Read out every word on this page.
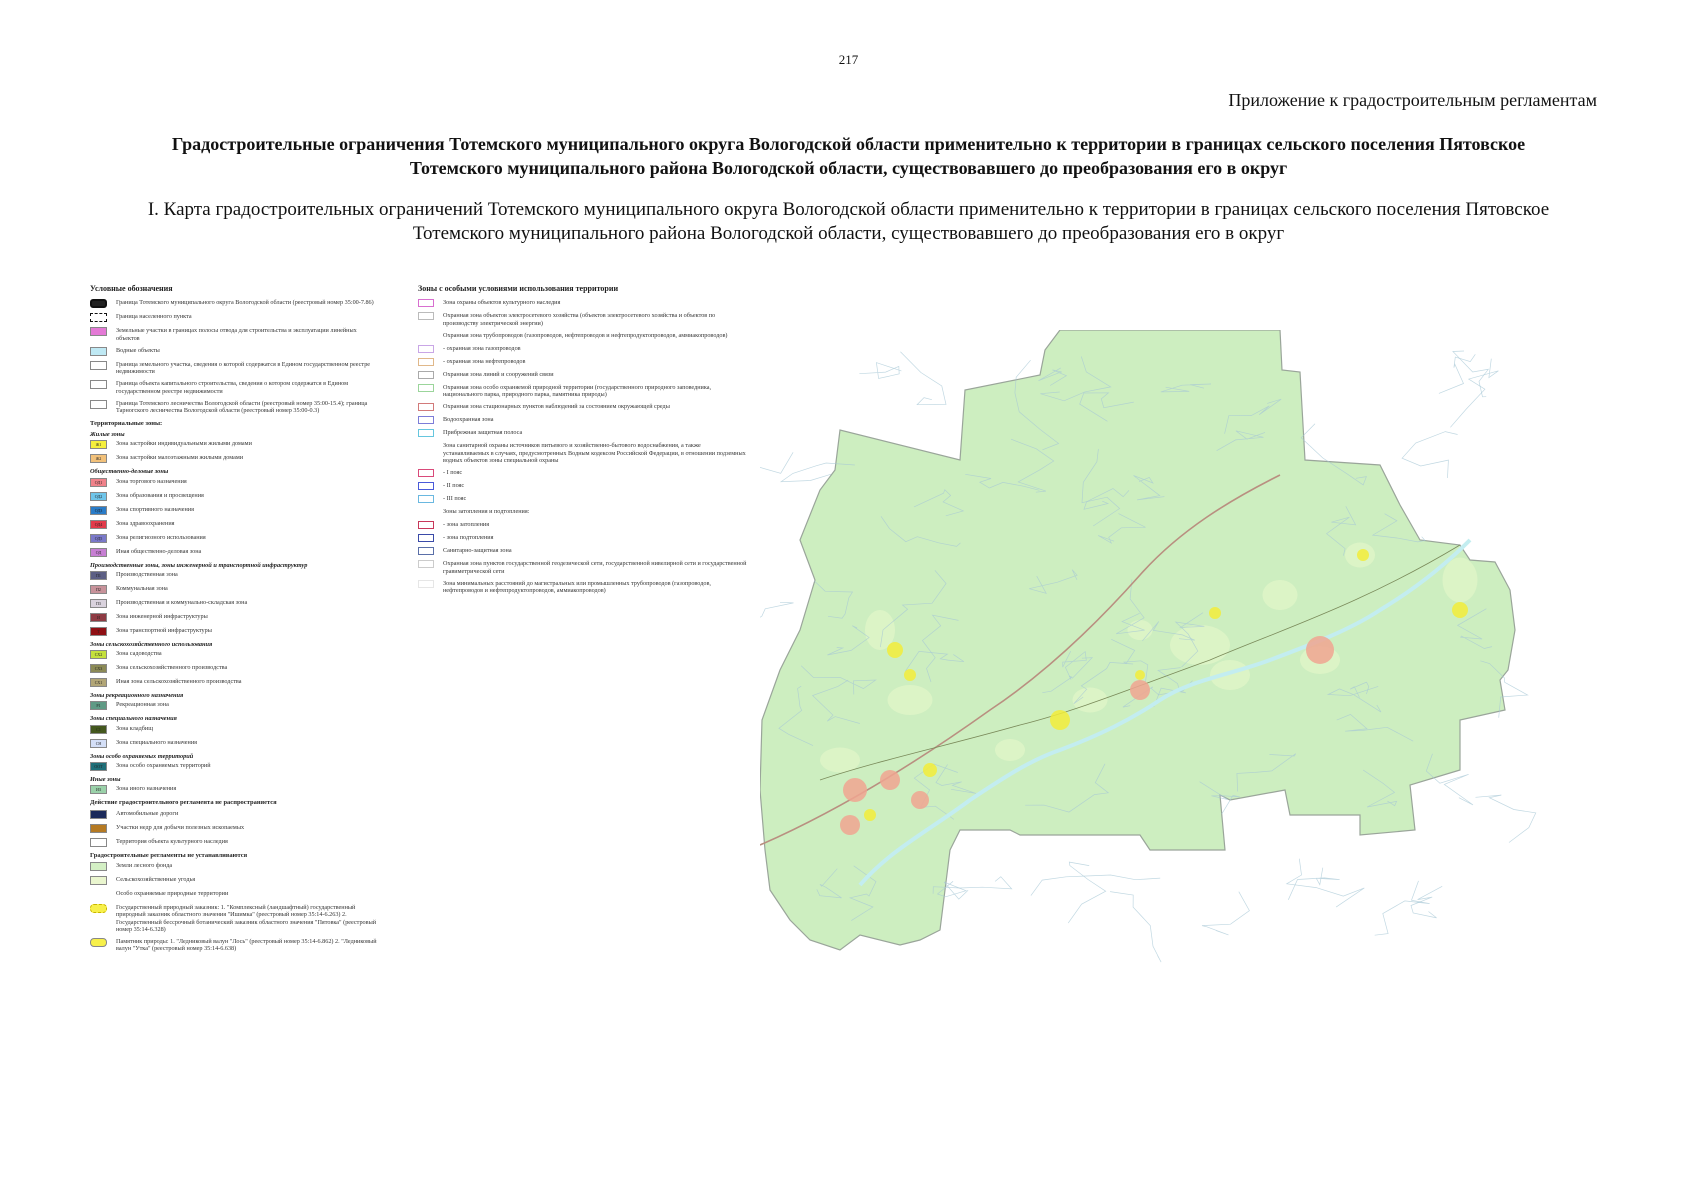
217
Приложение к градостроительным регламентам
Градостроительные ограничения Тотемского муниципального округа Вологодской области применительно к территории в границах сельского поселения Пятовское
Тотемского муниципального района Вологодской области, существовавшего до преобразования его в округ
I. Карта градостроительных ограничений Тотемского муниципального округа Вологодской области применительно к территории в границах сельского поселения Пятовское
Тотемского муниципального района Вологодской области, существовавшего до преобразования его в округ
Условные обозначения
Граница Тотемского муниципального округа Вологодской области (реестровый номер 35:00-7.86)
Граница населенного пункта
Земельные участки в границах полосы отвода для строительства и эксплуатации линейных объектов
Водные объекты
Граница земельного участка, сведения о которой содержатся в Едином государственном реестре недвижимости
Граница объекта капитального строительства, сведения о котором содержатся в Едином государственном реестре недвижимости
Граница Тотемского лесничества Вологодской области (реестровый номер 35:00-15.4); граница Тарногского лесничества Вологодской области (реестровый номер 35:00-0.3)
Территориальные зоны:
Жилые зоны
Ж1	Зона застройки индивидуальными жилыми домами
Ж2	Зона застройки малоэтажными жилыми домами
Общественно-деловые зоны
ОД1	Зона торгового назначения
ОД2	Зона образования и просвещения
ОД3	Зона спортивного назначения
ОД4	Зона здравоохранения
ОД5	Зона религиозного использования
ОД	Иная общественно-деловая зона
Производственные зоны, зоны инженерной и транспортной инфраструктур
П1	Производственная зона
П2	Коммунальная зона
П3	Производственная и коммунально-складская зона
И	Зона инженерной инфраструктуры
Т	Зона транспортной инфраструктуры
Зоны сельскохозяйственного использования
СХ2	Зона садоводства
СХ3	Зона сельскохозяйственного производства
СХ1	Иная зона сельскохозяйственного производства
Зоны рекреационного назначения
Р1	Рекреационная зона
Зоны специального назначения
С1	Зона кладбищ
СН	Зона специального назначения
Зоны особо охраняемых территорий
ООТ	Зона особо охраняемых территорий
Иные зоны
ИЗ	Зона иного назначения
Действие градостроительного регламента не распространяется
Автомобильные дороги
Участки недр для добычи полезных ископаемых
Территория объекта культурного наследия
Градостроительные регламенты не устанавливаются
Земли лесного фонда
Сельскохозяйственные угодья
Особо охраняемые природные территории
Государственный природный заказник: 1. "Комплексный (ландшафтный) государственный природный заказник областного значения "Ишимка" (реестровый номер 35:14-6.263) 2. Государственный бессрочный ботанический заказник областного значения "Пятовка" (реестровый номер 35:14-6.328)
Памятник природы: 1. "Ледниковый валун "Лось" (реестровый номер 35:14-6.862) 2. "Ледниковый валун "Утка" (реестровый номер 35:14-6.638)
Зоны с особыми условиями использования территории
Зона охраны объектов культурного наследия
Охранная зона объектов электросетевого хозяйства (объектов электросетевого хозяйства и объектов по производству электрической энергии)
Охранная зона трубопроводов (газопроводов, нефтепроводов и нефтепродуктопроводов, аммиакопроводов)
- охранная зона газопроводов
- охранная зона нефтепроводов
Охранная зона линий и сооружений связи
Охранная зона особо охраняемой природной территории (государственного природного заповедника, национального парка, природного парка, памятника природы)
Охранная зона стационарных пунктов наблюдений за состоянием окружающей среды
Водоохранная зона
Прибрежная защитная полоса
Зона санитарной охраны источников питьевого и хозяйственно-бытового водоснабжения, а также устанавливаемых в случаях, предусмотренных Водным кодексом Российской Федерации, в отношении подземных водных объектов зоны специальной охраны
- I пояс
- II пояс
- III пояс
Зоны затопления и подтопления:
- зона затопления
- зона подтопления
Санитарно-защитная зона
Охранная зона пунктов государственной геодезической сети, государственной нивелирной сети и государственной гравиметрической сети
Зона минимальных расстояний до магистральных или промышленных трубопроводов (газопроводов, нефтепроводов и нефтепродуктопроводов, аммиакопроводов)
